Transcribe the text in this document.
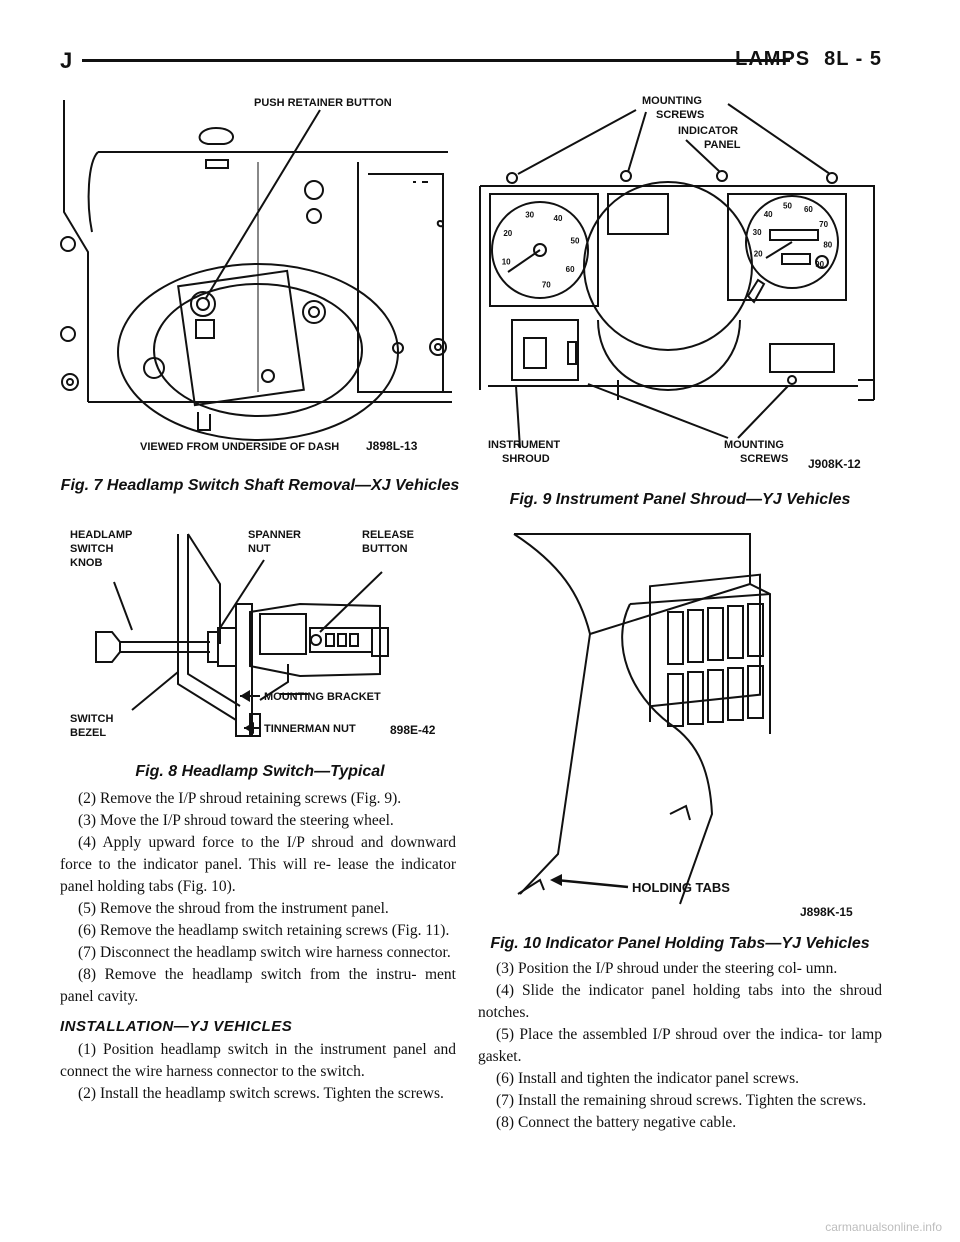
J	LAMPS 8L - 5
PUSH RETAINER BUTTON
VIEWED FROM UNDERSIDE OF DASH J898L-13
Fig. 7 Headlamp Switch Shaft Removal—XJ Vehicles
HEADLAMP
SWITCH
KNOB
SPANNER
NUT
RELEASE
BUTTON
MOUNTING BRACKET
TINNERMAN NUT
SWITCH
BEZEL	898E-42
Fig. 8 Headlamp Switch—Typical

(2) Remove the I/P shroud retaining screws (Fig. 9).

(3) Move the I/P shroud toward the steering wheel.

(4) Apply upward force to the I/P shroud and downward force to the indicator panel. This will re- lease the indicator panel holding tabs (Fig. 10).

(5) Remove the shroud from the instrument panel.

(6) Remove the headlamp switch retaining screws (Fig. 11).

(7) Disconnect the headlamp switch wire harness connector.

(8) Remove the headlamp switch from the instru- ment panel cavity.

INSTALLATION—YJ VEHICLES

(1) Position headlamp switch in the instrument panel and connect the wire harness connector to the switch.

(2) Install the headlamp switch screws. Tighten the screws.

MOUNTING
SCREWS
INDICATOR
PANEL
10
20
30 40
50
60
70
20
30
40
50 60
70
80
90
INSTRUMENT
SHROUD
MOUNTING
SCREWS J908K-12
Fig. 9 Instrument Panel Shroud—YJ Vehicles
HOLDING TABS
J898K-15
Fig. 10 Indicator Panel Holding Tabs—YJ Vehicles

(3) Position the I/P shroud under the steering col- umn.

(4) Slide the indicator panel holding tabs into the shroud notches.

(5) Place the assembled I/P shroud over the indica- tor lamp gasket.

(6) Install and tighten the indicator panel screws.

(7) Install the remaining shroud screws. Tighten the screws.

(8) Connect the battery negative cable.

carmanualsonline.info
